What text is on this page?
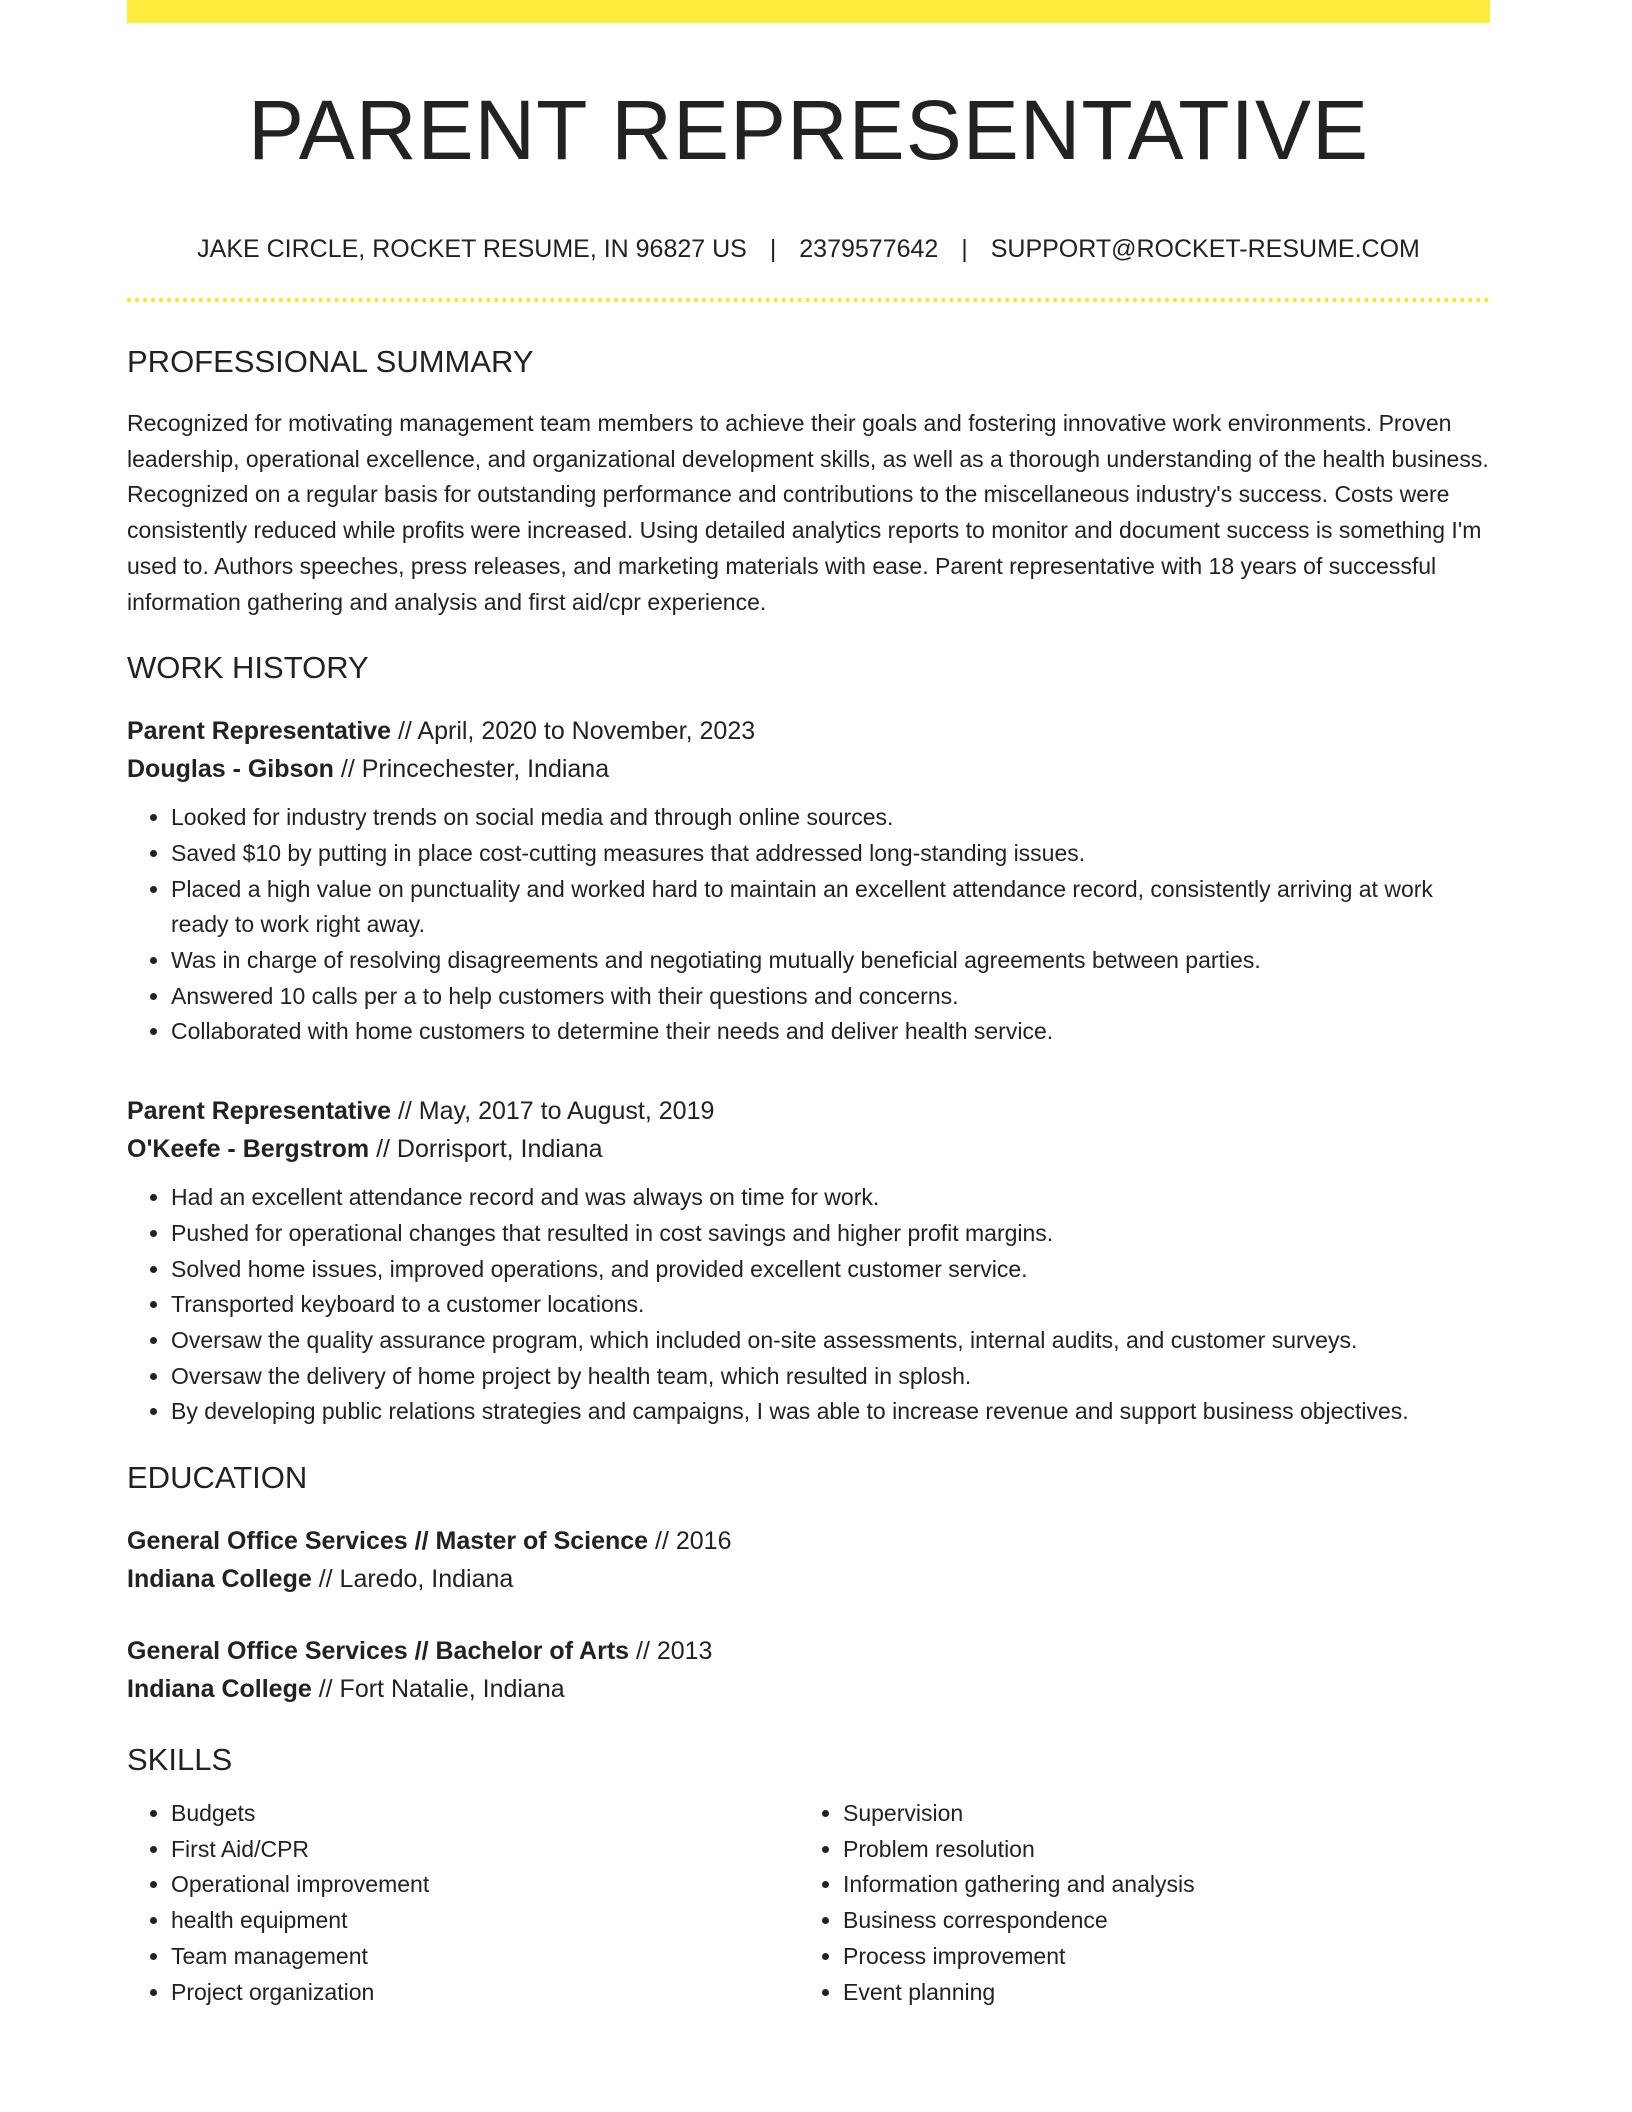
PARENT REPRESENTATIVE
JAKE CIRCLE, ROCKET RESUME, IN 96827 US | 2379577642 | SUPPORT@ROCKET-RESUME.COM
PROFESSIONAL SUMMARY
Recognized for motivating management team members to achieve their goals and fostering innovative work environments. Proven leadership, operational excellence, and organizational development skills, as well as a thorough understanding of the health business. Recognized on a regular basis for outstanding performance and contributions to the miscellaneous industry's success. Costs were consistently reduced while profits were increased. Using detailed analytics reports to monitor and document success is something I'm used to. Authors speeches, press releases, and marketing materials with ease. Parent representative with 18 years of successful information gathering and analysis and first aid/cpr experience.
WORK HISTORY
Parent Representative // April, 2020 to November, 2023
Douglas - Gibson // Princechester, Indiana
• Looked for industry trends on social media and through online sources.
• Saved $10 by putting in place cost-cutting measures that addressed long-standing issues.
• Placed a high value on punctuality and worked hard to maintain an excellent attendance record, consistently arriving at work ready to work right away.
• Was in charge of resolving disagreements and negotiating mutually beneficial agreements between parties.
• Answered 10 calls per a to help customers with their questions and concerns.
• Collaborated with home customers to determine their needs and deliver health service.
Parent Representative // May, 2017 to August, 2019
O'Keefe - Bergstrom // Dorrisport, Indiana
• Had an excellent attendance record and was always on time for work.
• Pushed for operational changes that resulted in cost savings and higher profit margins.
• Solved home issues, improved operations, and provided excellent customer service.
• Transported keyboard to a customer locations.
• Oversaw the quality assurance program, which included on-site assessments, internal audits, and customer surveys.
• Oversaw the delivery of home project by health team, which resulted in splosh.
• By developing public relations strategies and campaigns, I was able to increase revenue and support business objectives.
EDUCATION
General Office Services // Master of Science // 2016
Indiana College // Laredo, Indiana
General Office Services // Bachelor of Arts // 2013
Indiana College // Fort Natalie, Indiana
SKILLS
• Budgets
• First Aid/CPR
• Operational improvement
• health equipment
• Team management
• Project organization
• Supervision
• Problem resolution
• Information gathering and analysis
• Business correspondence
• Process improvement
• Event planning
